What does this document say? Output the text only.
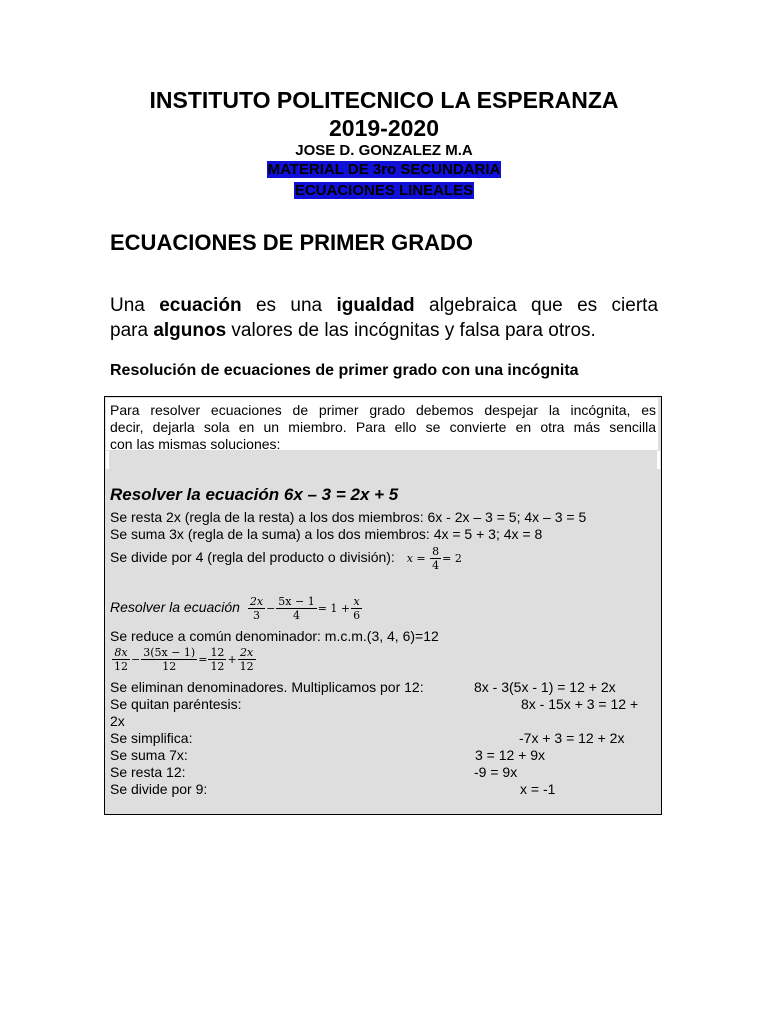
INSTITUTO POLITECNICO LA ESPERANZA
2019-2020
JOSE D. GONZALEZ M.A
MATERIAL DE 3ro SECUNDARIA
ECUACIONES LINEALES
ECUACIONES DE PRIMER GRADO
Una ecuación es una igualdad algebraica que es cierta
para algunos valores de las incógnitas y falsa para otros.
Resolución de ecuaciones de primer grado con una incógnita
Para resolver ecuaciones de primer grado debemos despejar la incógnita, es
decir, dejarla sola en un miembro. Para ello se convierte en otra más sencilla
con las mismas soluciones:
Resolver la ecuación 6x – 3 = 2x + 5
Se resta 2x (regla de la resta) a los dos miembros: 6x - 2x – 3 = 5; 4x – 3 = 5
Se suma 3x (regla de la suma) a los dos miembros: 4x = 5 + 3; 4x = 8
Se divide por 4 (regla del producto o división): $x = \frac{8}{4} = 2$
Resolver la ecuación $\frac{2x}{3} - \frac{5x - 1}{4} = 1 + \frac{x}{6}$
Se reduce a común denominador: m.c.m.(3, 4, 6)=12
$\frac{8x}{12} - \frac{3(5x - 1)}{12} = \frac{12}{12} + \frac{2x}{12}$
Se eliminan denominadores. Multiplicamos por 12:	8x - 3(5x - 1) = 12 + 2x
Se quitan paréntesis:	8x - 15x + 3 = 12 +
2x
Se simplifica:	-7x + 3 = 12 + 2x
Se suma 7x:	3 = 12 + 9x
Se resta 12:	-9 = 9x
Se divide por 9:	x = -1
